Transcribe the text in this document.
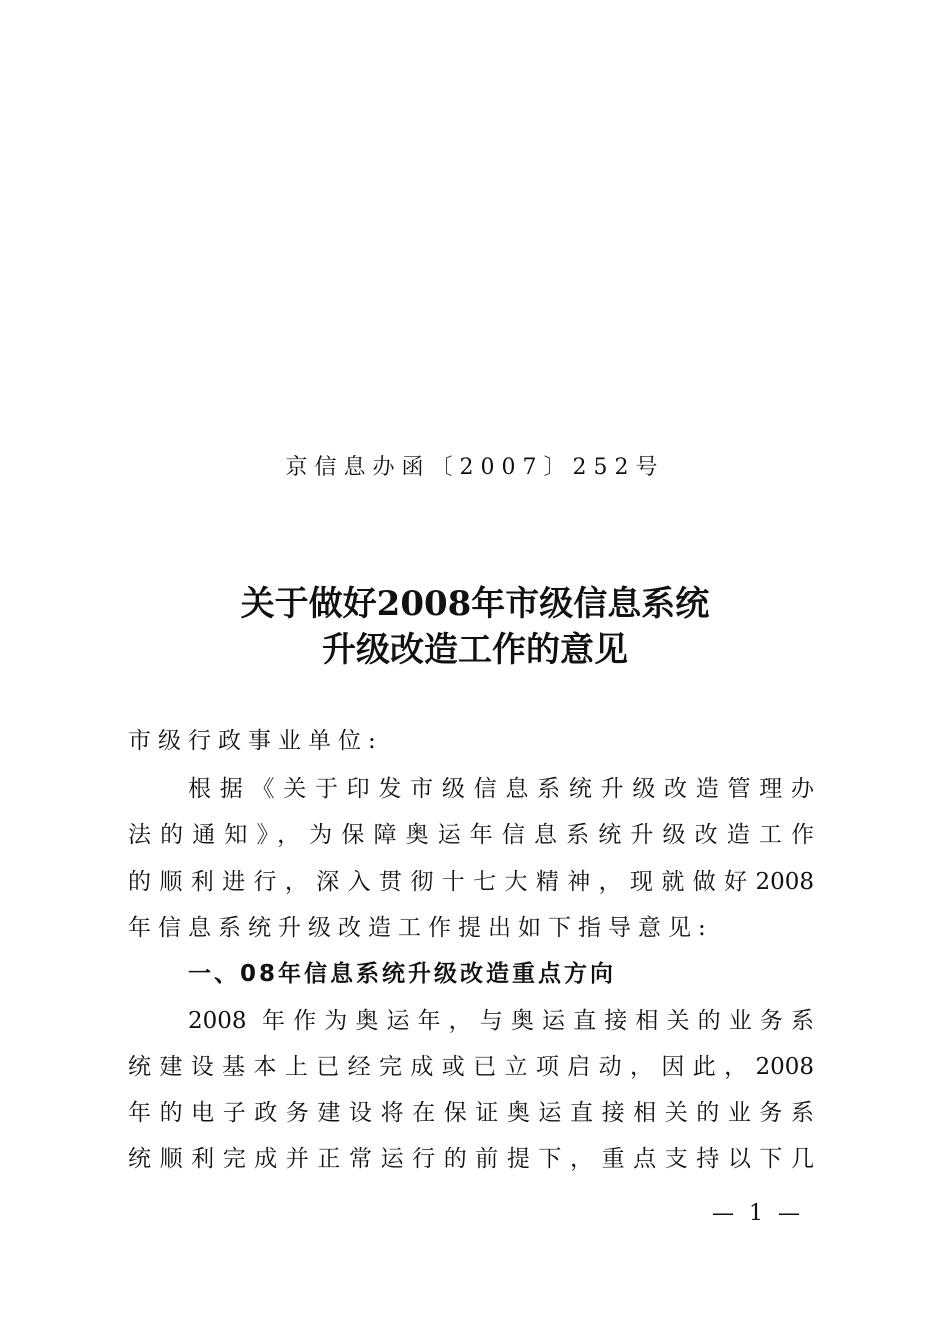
京信息办函〔2007〕252号
关于做好2008年市级信息系统
升级改造工作的意见
市级行政事业单位:
根据《关于印发市级信息系统升级改造管理办
法的通知》，为保障奥运年信息系统升级改造工作
的顺利进行，深入贯彻十七大精神，现就做好2008
年信息系统升级改造工作提出如下指导意见:
一、08年信息系统升级改造重点方向
2008 年作为奥运年，与奥运直接相关的业务系
统建设基本上已经完成或已立项启动，因此，2008
年的电子政务建设将在保证奥运直接相关的业务系
统顺利完成并正常运行的前提下，重点支持以下几
— 1 —
